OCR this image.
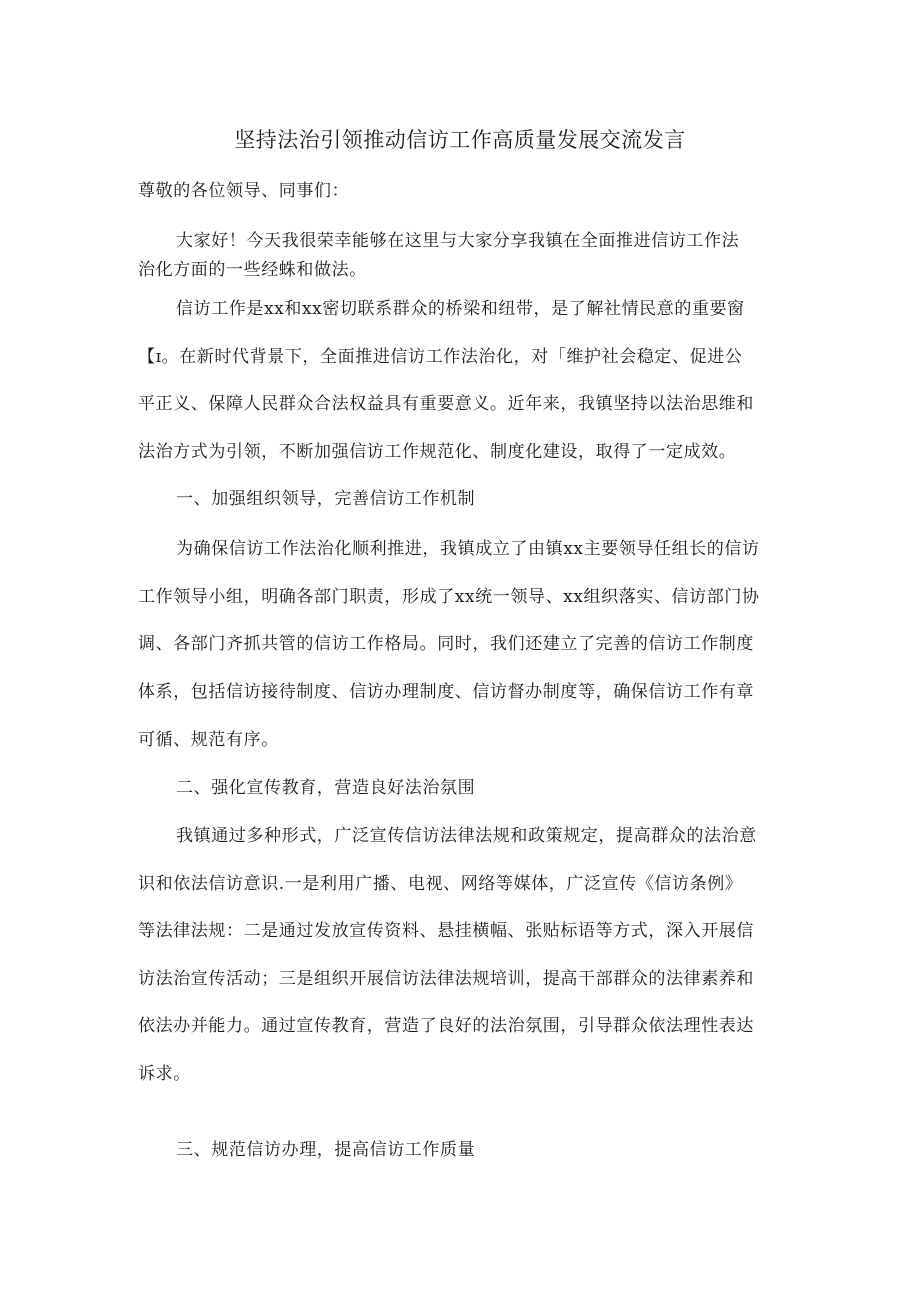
坚持法治引领推动信访工作高质量发展交流发言
尊敬的各位领导、同事们：
大家好！今天我很荣幸能够在这里与大家分享我镇在全面推进信访工作法
治化方面的一些经蛛和做法。
信访工作是xx和xx密切联系群众的桥梁和纽带，是了解社情民意的重要窗
【ɪ。在新时代背景下，全面推进信访工作法治化，对「维护社会稳定、促进公
平正义、保障人民群众合法权益具有重要意义。近年来，我镇坚持以法治思维和
法治方式为引领，不断加强信访工作规范化、制度化建设，取得了一定成效。
一、加强组织领导，完善信访工作机制
为确保信访工作法治化顺利推进，我镇成立了由镇xx主要领导任组长的信访
工作领导小组，明确各部门职责，形成了xx统一领导、xx组织落实、信访部门协
调、各部门齐抓共管的信访工作格局。同时，我们还建立了完善的信访工作制度
体系，包括信访接待制度、信访办理制度、信访督办制度等，确保信访工作有章
可循、规范有序。
二、强化宣传教育，营造良好法治氛围
我镇通过多种形式，广泛宣传信访法律法规和政策规定，提高群众的法治意
识和依法信访意识.一是利用广播、电视、网络等媒体，广泛宣传《信访条例》
等法律法规：二是通过发放宣传资料、悬挂横幅、张贴标语等方式，深入开展信
访法治宣传活动；三是组织开展信访法律法规培训，提高干部群众的法律素养和
依法办并能力。通过宣传教育，营造了良好的法治氛围，引导群众依法理性表达
诉求。
三、规范信访办理，提高信访工作质量
